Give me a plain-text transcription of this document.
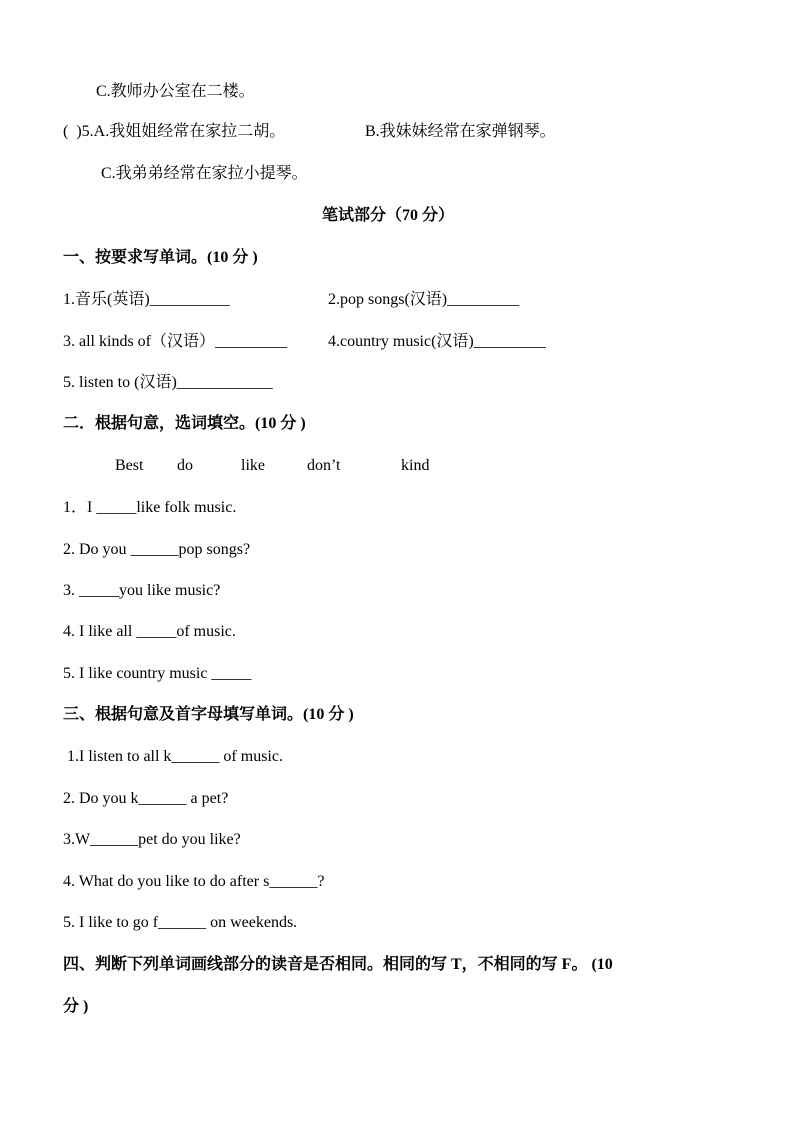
C.教师办公室在二楼。
(  )5.A.我姐姐经常在家拉二胡。	B.我妹妹经常在家弹钢琴。
C.我弟弟经常在家拉小提琴。
笔试部分（70 分）
一、按要求写单词。(10 分 )
1.音乐(英语)__________	2.pop songs(汉语)_________
3. all kinds of（汉语）_________	4.country music(汉语)_________
5. listen to (汉语)____________
二．根据句意，选词填空。(10 分 )
Best do	like	don’t	kind
1．I _____like folk music.
2. Do you ______pop songs?
3. _____you like music?
4. I like all _____of music.
5. I like country music _____
三、根据句意及首字母填写单词。(10 分 )
1.I listen to all k______ of music.
2. Do you k______ a pet?
3.W______pet do you like?
4. What do you like to do after s______?
5. I like to go f______ on weekends.
四、判断下列单词画线部分的读音是否相同。相同的写 T，不相同的写 F。 (10
分 )
